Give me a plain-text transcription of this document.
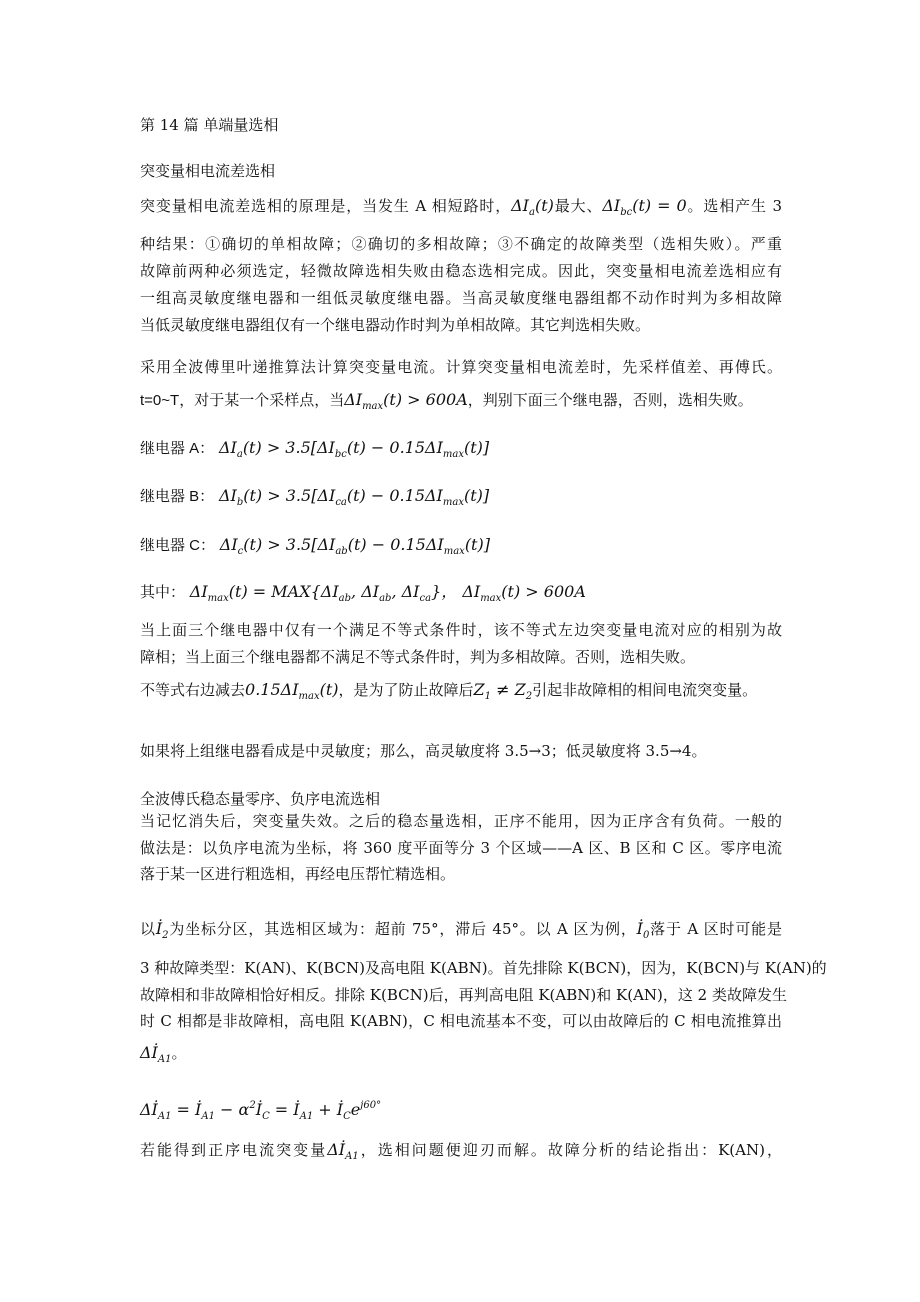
第 14 篇 单端量选相
突变量相电流差选相
突变量相电流差选相的原理是，当发生 A 相短路时，$\Delta I_a(t)$最大、$\Delta I_{bc}(t) = 0$。选相产生 3
种结果：①确切的单相故障；②确切的多相故障；③不确定的故障类型（选相失败）。严重
故障前两种必须选定，轻微故障选相失败由稳态选相完成。因此，突变量相电流差选相应有
一组高灵敏度继电器和一组低灵敏度继电器。当高灵敏度继电器组都不动作时判为多相故障
当低灵敏度继电器组仅有一个继电器动作时判为单相故障。其它判选相失败。
采用全波傅里叶递推算法计算突变量电流。计算突变量相电流差时，先采样值差、再傅氏。
t=0~T，对于某一个采样点，当$\Delta I_{max}(t) > 600A$，判别下面三个继电器，否则，选相失败。
继电器 A： $\Delta I_a(t) > 3.5[\Delta I_{bc}(t) - 0.15\Delta I_{max}(t)]$
继电器 B： $\Delta I_b(t) > 3.5[\Delta I_{ca}(t) - 0.15\Delta I_{max}(t)]$
继电器 C： $\Delta I_c(t) > 3.5[\Delta I_{ab}(t) - 0.15\Delta I_{max}(t)]$
其中： $\Delta I_{max}(t) = MAX\{\Delta I_{ab}$, $\Delta I_{ab}$, $\Delta I_{ca}$}， $\Delta I_{max}(t) > 600A$
当上面三个继电器中仅有一个满足不等式条件时，该不等式左边突变量电流对应的相别为故
障相；当上面三个继电器都不满足不等式条件时，判为多相故障。否则，选相失败。
不等式右边减去$0.15\Delta I_{max}(t)$，是为了防止故障后$Z_1 \ne Z_2$引起非故障相的相间电流突变量。
如果将上组继电器看成是中灵敏度；那么，高灵敏度将 3.5→3；低灵敏度将 3.5→4。
全波傅氏稳态量零序、负序电流选相
当记忆消失后，突变量失效。之后的稳态量选相，正序不能用，因为正序含有负荷。一般的
做法是：以负序电流为坐标，将 360 度平面等分 3 个区域——A 区、B 区和 C 区。零序电流
落于某一区进行粗选相，再经电压帮忙精选相。
以$İ_2$为坐标分区，其选相区域为：超前 75°，滞后 45°。以 A 区为例，$İ_0$落于 A 区时可能是
3 种故障类型：K(AN)、K(BCN)及高电阻 K(ABN)。首先排除 K(BCN)，因为，K(BCN)与 K(AN)的
故障相和非故障相恰好相反。排除 K(BCN)后，再判高电阻 K(ABN)和 K(AN)，这 2 类故障发生
时 C 相都是非故障相，高电阻 K(ABN)，C 相电流基本不变，可以由故障后的 C 相电流推算出
$\Delta İ_{A1}$。
$\Delta İ_{A1}$ = $İ_{A1}$ − $\alpha^2İ_C$ = $İ_{A1}$ + $İ_Ce^{j60^\circ}$
若能得到正序电流突变量$\Delta İ_{A1}$，选相问题便迎刃而解。故障分析的结论指出：K(AN)，
